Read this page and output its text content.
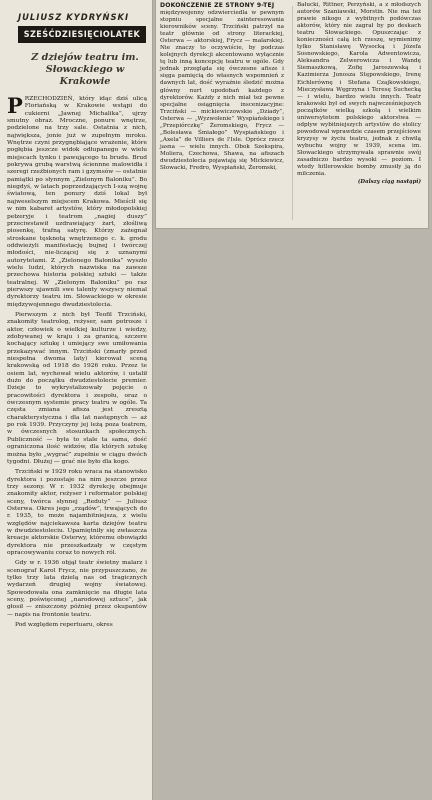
JULIUSZ KYDRYŃSKI
SZEŚĆDZIESIĘCIOLATEK
Z dziejów teatru im. Słowackiego w Krakowie

PRZECHODZIEŃ, który idąc dziś ulicą Floriańską w Krakowie wstąpi do cukierni „Jawnej Michalika”, ujrzy smutny obraz. Mroczne, ponure wnętrze, podzielone na trzy sale. Ostatnia z nich, największa, jonie już w zupełnym mroku. Wnętrze czyni przygnębiające wrażenie, które pogłębia jeszcze widok odłupanego w wielu miejscach tynku i pawującego tu brudu. Brud pokrywa grubą warstwą ściennne malowidła i szeregi rzeźbionych ram i gzymsów — ostatnie pamiątki po słynnym „Zielonym Baloniku”. Bo niegdyś, w latach poprzedzających I-szą wojnę światową, ten ponury dziś lokal był najweselszym miejscem Krakowa. Mieścił się w nim kabaret artystów, który młodopolskiej pełzeryje i teatrom „nagiej duszy” przeciwstawił uzdrawiający żart, złośliwą piosenkę, trafną satyrę. Którzy zażegnał stroskane tęsknotą wnętrzenego c. k. grodu oddwieżyli manifestację bujnej i twórczej młodości, nie-liczącej się z uznanymi autorytetami. Z „Zielonego Balonika” wyszło wielu ludzi, których nazwiska na zawsze przechowa historia polskiej sztuki — także teatralnej. W „Zielonym Baloniku” po raz pierwszy ujawnili swe talenty wszyscy niemal dyrektorzy teatru im. Słowackiego w okresie międzywojennego dwudziestolecia.

Pierwszym z nich był Teofil Trzciński, znakomity teatrolog, reżyser, sam potrosze i aktor, człowiek o wielkiej kulturze i wiedzy, zdobywanej w kraju i za granicą, szczere kochający sztukę i umiejący swe umiłowania przekazywać innym. Trzciński (zmarły przed niespełna dwoma laty) kierował sceną krakowską od 1918 do 1926 roku. Przez te osiem lat, wychował wielu aktorów, i ustalił dużo do początku dwudziestolecie premier. Dzieje to wykrystalizowały pojęcie o pracowitości dyrektora i zespołu, oraz o ówczesnym systemie pracy teatru w ogóle. Ta częsta zmiana afisza jest zresztą charakterystyczna i dla lat następnych — aż po rok 1939. Przyczyny jej leżą poza teatrem, w ówczesnych stosunkach społecznych. Publiczność — była to stale ta sama, dość ograniczona ilość widzów, dla których sztukę można było „wygrać” zupełnie w ciągu dwóch tygodni. Dłużej — grać nie było dla kogo.

Trzciński w 1929 roku wraca na stanowisko dyrektora i pozostaje na nim jeszcze przez trzy sezony. W r. 1932 dyrekcję obejmuje znakomity aktor, reżyser i reformator polskiej sceny, twórca słynnej „Reduty” — Juliusz Osterwa. Okres jego „rządów”, trwających do r. 1935, to może najambitniejsza, z wielu względów najciekawsza karta dziejów teatru w dwudziestoleciu. Upamiętniły się zwłaszcza kreacje aktorskie Osterwy, któremu obowiązki dyrektora nie przeszkadzały w częstym opracowywaniu coraz to nowych ról.

Gdy w r. 1936 objął teatr świetny malarz i scenograf Karol Frycz, nie przypuszczano, że tylko trzy lata dzielą nas od tragicznych wydarzeń drugiej wojny światowej. Spowodowała ona zamknięcie na długie lata sceny, poświęconej „narodowej sztuce”, jak głosił — zniszczony później przez okupantów — napis na frontonie teatru.

Pod względem repertuaru, okres

DOKOŃCZENIE ZE STRONY 9-TEJ

międzywojenny odzwierciedla w pewnym stopniu specjalne zainteresowania kierowników sceny. Trzciński patrzył na teatr głównie od strony literackiej, Osterwa — aktorskiej, Frycz — malarskiej. Nie znaczy to oczywiście, by podczas kolejnych dyrekcji akcentowano wyłącznie tę lub inną koncepcję teatru w ogóle. Gdy jednak przegląda się ówczesne afisze i sięga pamięcią do własnych wspomnień z dawnych lat, dość wyraźnie śledzić można główny nurt upodobań każdego z dyrektorów. Każdy z nich miał też pewne specjalne osiągnięcia inscenizacyjne: Trzciński — mickiewiczowskie „Dziady”, Osterwa — „Wyzwolenie” Wyspiańskiego i „Przepiórczkę” Żeromskiego, Frycz — „Bolesława Śmiałego” Wyspiańskiego i „Axela” de Villiers de l'Isle. Oprócz rzecz jasna — wielu innych. Obok Szekspira, Moliera, Czechowa, Shawa, na afiszach dwudziestolecia pojawiają się Mickiewicz, Słowacki, Fredro, Wyspiański, Żeromski,

Bałucki, Rittner, Perzyński, a z młodszych autorów Szaniawski, Morstin. Nie ma też prawie nikogo z wybitnych podówczas aktorów, który nie zagrał by po deskach teatru Słowackiego. Opuszczając z konieczności całą ich rzeszę, wymienimy tylko Stanisławę Wysocką i Józefa Sosnowskiego, Karola Adwentowicza, Aleksandra Zelwerowicza i Wandę Siemaszkową, Zofię Jaroszewską i Kazimierza Junosza Stępowskiego, Irenę Eichlerównę i Stefana Czajkowskiego, Mieczysława Węgrzyna i Teresę Suchecką — i wielu, bardzo wielu innych. Teatr krakowski był od swych najwcześniejszych początków wielką szkołą i wielkim uniwersytetem polskiego aktorstwa — odpływ wybitniejszych artystów do stolicy powodował wprawdzie czasem przejściowe kryzysy w życiu teatru, jednak z chwilą wybuchu wojny w 1939, scena im. Słowackiego utrzymywała sprawnie swój zasadniczo bardzo wysoki — poziom. I wtedy hitlerowskie bomby zmusiły ją do milczenia.

(Dalszy ciąg nastąpi)
